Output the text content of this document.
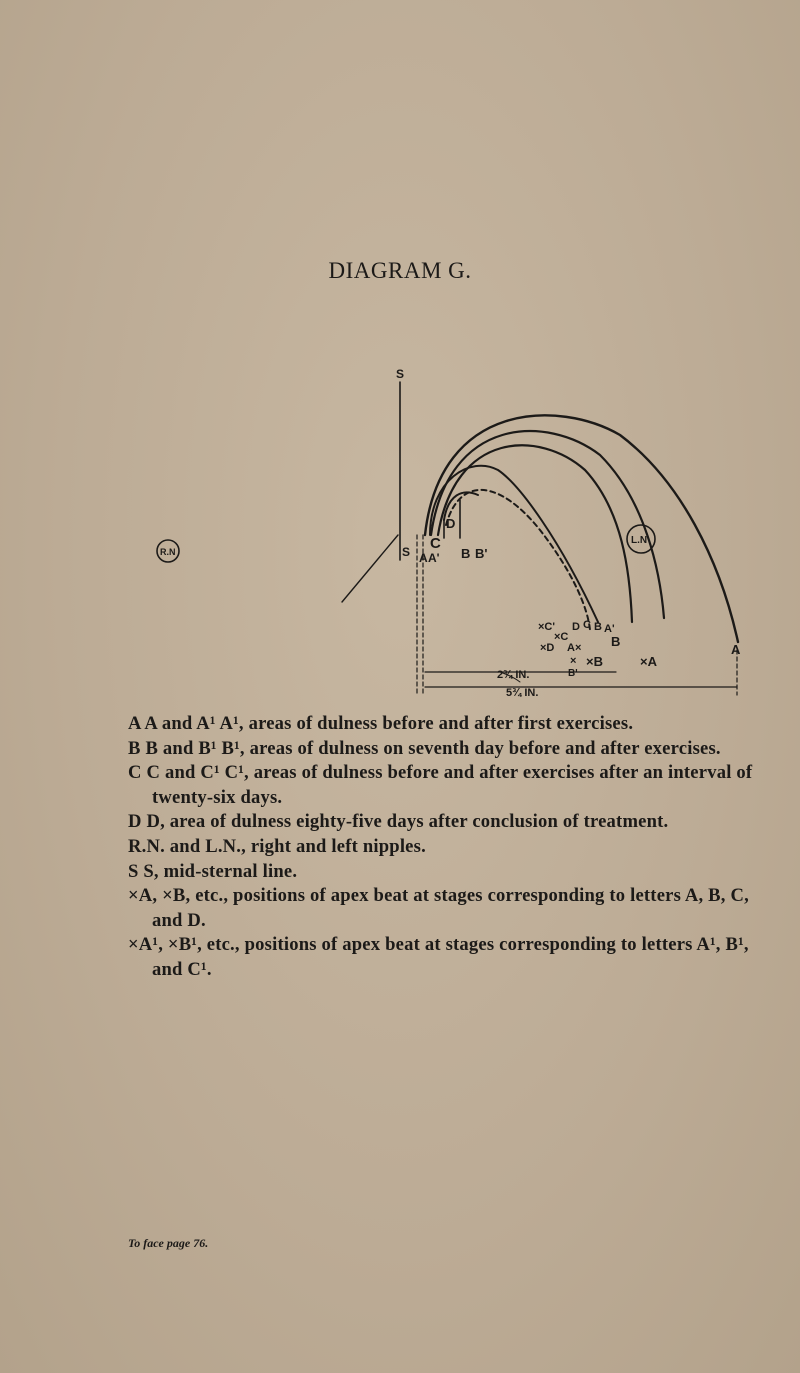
DIAGRAM G.
S
R.N
L.N
S C
D
A A' B B'
×C'
×C
D C B A'
×D A× B
A
× ×B	×A
B'
2¾ IN.
5¾ IN.
A A and A¹ A¹, areas of dulness before and after first exercises.
B B and B¹ B¹, areas of dulness on seventh day before and after exercises.
C C and C¹ C¹, areas of dulness before and after exercises after an interval of twenty-six days.
D D, area of dulness eighty-five days after conclusion of treatment.
R.N. and L.N., right and left nipples.
S S, mid-sternal line.
×A, ×B, etc., positions of apex beat at stages corresponding to letters A, B, C, and D.
×A¹, ×B¹, etc., positions of apex beat at stages corresponding to letters A¹, B¹, and C¹.
To face page 76.
